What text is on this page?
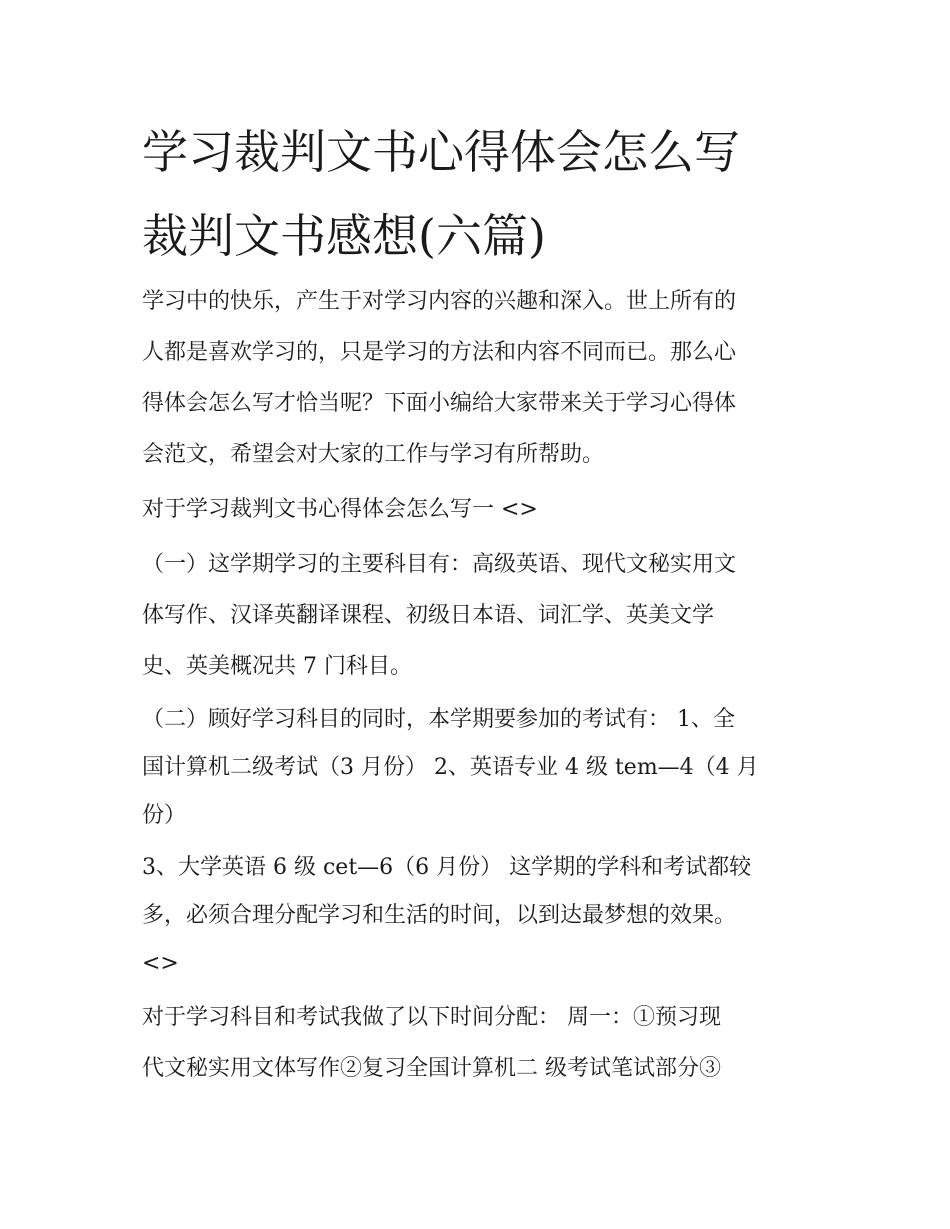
学习裁判文书心得体会怎么写
裁判文书感想(六篇)

学习中的快乐，产生于对学习内容的兴趣和深入。世上所有的
人都是喜欢学习的，只是学习的方法和内容不同而已。那么心
得体会怎么写才恰当呢？下面小编给大家带来关于学习心得体
会范文，希望会对大家的工作与学习有所帮助。

对于学习裁判文书心得体会怎么写一 <>

（一）这学期学习的主要科目有：高级英语、现代文秘实用文
体写作、汉译英翻译课程、初级日本语、词汇学、英美文学
史、英美概况共 7 门科目。

（二）顾好学习科目的同时，本学期要参加的考试有： 1、全
国计算机二级考试（3 月份） 2、英语专业 4 级 tem—4（4 月
份）

3、大学英语 6 级 cet—6（6 月份） 这学期的学科和考试都较
多，必须合理分配学习和生活的时间，以到达最梦想的效果。
<>

对于学习科目和考试我做了以下时间分配： 周一：①预习现
代文秘实用文体写作②复习全国计算机二 级考试笔试部分③
